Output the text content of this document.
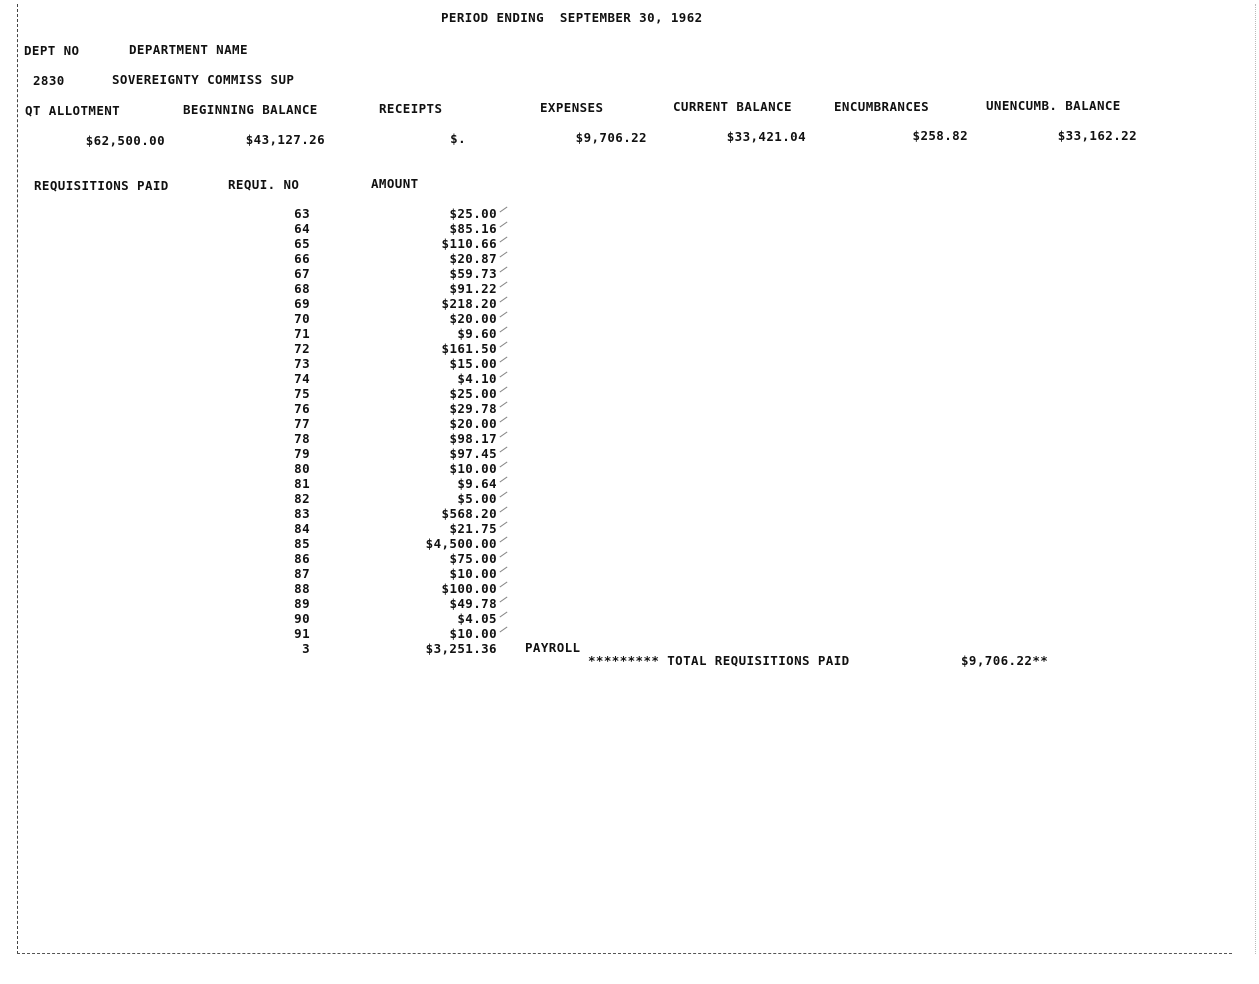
PERIOD ENDING  SEPTEMBER 30, 1962
DEPT NO	DEPARTMENT NAME
2830	SOVEREIGNTY COMMISS SUP
QT ALLOTMENT	BEGINNING BALANCE	RECEIPTS	EXPENSES	CURRENT BALANCE	ENCUMBRANCES	UNENCUMB. BALANCE
$62,500.00	$43,127.26	$.	$9,706.22	$33,421.04	$258.82	$33,162.22
REQUISITIONS PAID	REQUI. NO	AMOUNT
63	$25.00
64	$85.16
65	$110.66
66	$20.87
67	$59.73
68	$91.22
69	$218.20
70	$20.00
71	$9.60
72	$161.50
73	$15.00
74	$4.10
75	$25.00
76	$29.78
77	$20.00
78	$98.17
79	$97.45
80	$10.00
81	$9.64
82	$5.00
83	$568.20
84	$21.75
85	$4,500.00
86	$75.00
87	$10.00
88	$100.00
89	$49.78
90	$4.05
91	$10.00
3	$3,251.36 PAYROLL
********* TOTAL REQUISITIONS PAID	$9,706.22**
